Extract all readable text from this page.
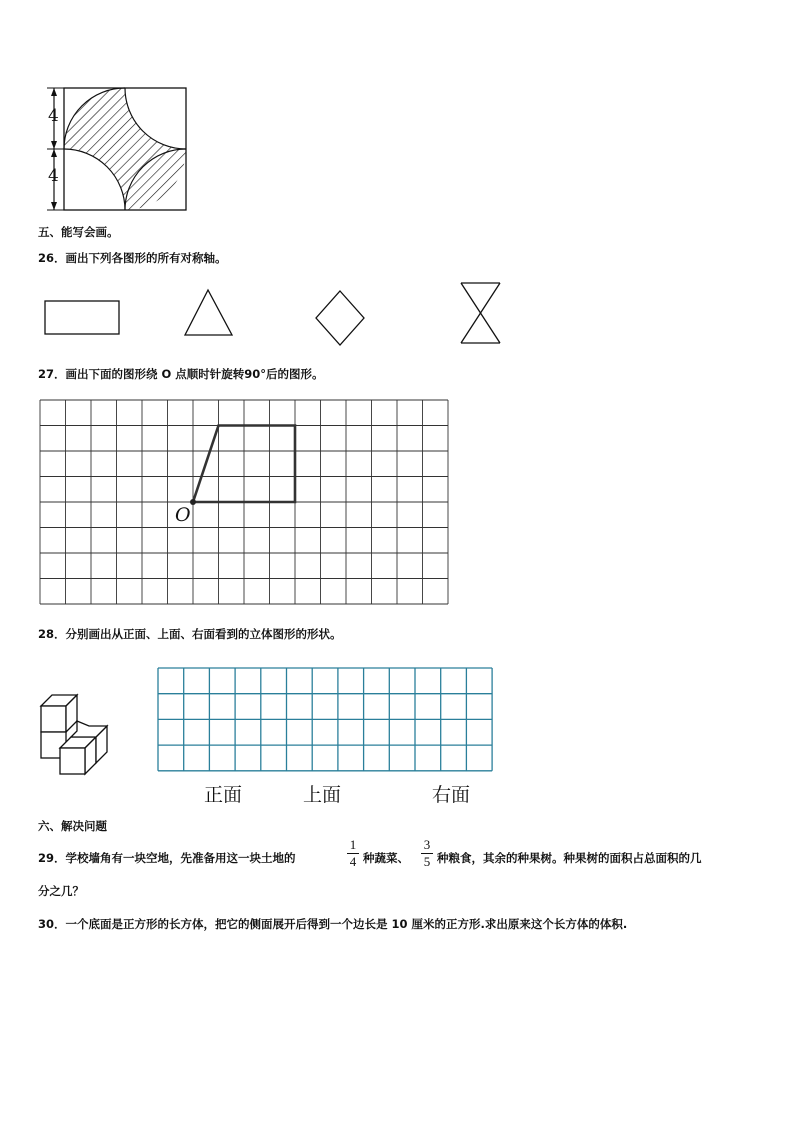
4
4
五、能写会画。
26．画出下列各图形的所有对称轴。
27．画出下面的图形绕 O 点顺时针旋转90°后的图形。
O
28．分别画出从正面、上面、右面看到的立体图形的形状。
正面	上面	右面
六、解决问题
29．学校墙角有一块空地，先准备用这一块土地的
1
4 种蔬菜、
3
5 种粮食，其余的种果树。种果树的面积占总面积的几
分之几？
30．一个底面是正方形的长方体，把它的侧面展开后得到一个边长是 10 厘米的正方形.求出原来这个长方体的体积.
